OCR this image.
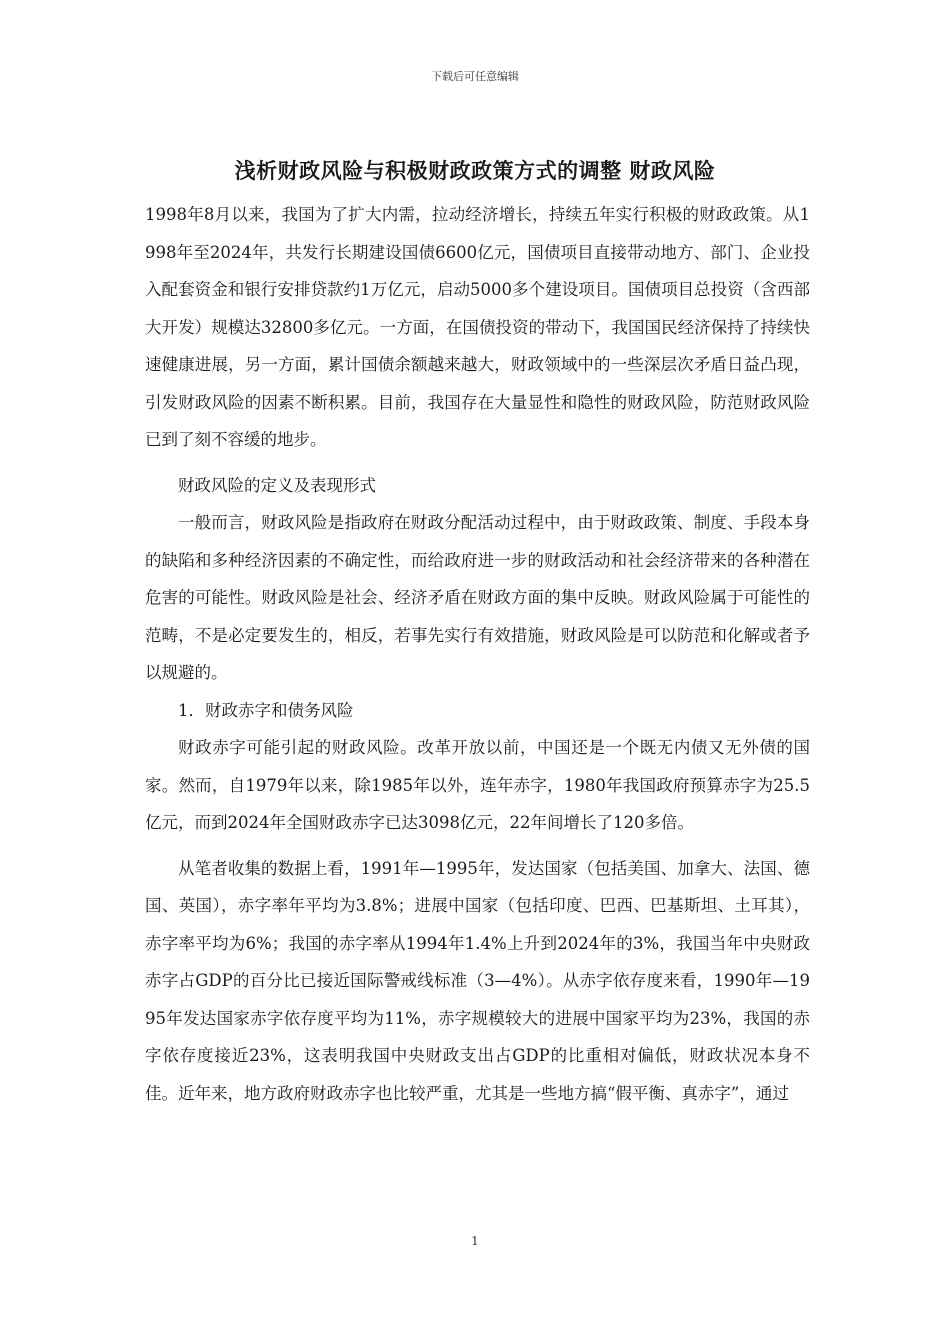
下载后可任意编辑
浅析财政风险与积极财政政策方式的调整 财政风险

1998年8月以来，我国为了扩大内需，拉动经济增长，持续五年实行积极的财政政策。从1998年至2024年，共发行长期建设国债6600亿元，国债项目直接带动地方、部门、企业投入配套资金和银行安排贷款约1万亿元，启动5000多个建设项目。国债项目总投资（含西部大开发）规模达32800多亿元。一方面，在国债投资的带动下，我国国民经济保持了持续快速健康进展，另一方面，累计国债余额越来越大，财政领域中的一些深层次矛盾日益凸现，引发财政风险的因素不断积累。目前，我国存在大量显性和隐性的财政风险，防范财政风险已到了刻不容缓的地步。

财政风险的定义及表现形式

一般而言，财政风险是指政府在财政分配活动过程中，由于财政政策、制度、手段本身的缺陷和多种经济因素的不确定性，而给政府进一步的财政活动和社会经济带来的各种潜在危害的可能性。财政风险是社会、经济矛盾在财政方面的集中反映。财政风险属于可能性的范畴，不是必定要发生的，相反，若事先实行有效措施，财政风险是可以防范和化解或者予以规避的。

1．财政赤字和债务风险

财政赤字可能引起的财政风险。改革开放以前，中国还是一个既无内债又无外债的国家。然而，自1979年以来，除1985年以外，连年赤字，1980年我国政府预算赤字为25.5亿元，而到2024年全国财政赤字已达3098亿元，22年间增长了120多倍。

从笔者收集的数据上看，1991年—1995年，发达国家（包括美国、加拿大、法国、德国、英国），赤字率年平均为3.8%；进展中国家（包括印度、巴西、巴基斯坦、土耳其），赤字率平均为6%；我国的赤字率从1994年1.4%上升到2024年的3%，我国当年中央财政赤字占GDP的百分比已接近国际警戒线标准（3—4%）。从赤字依存度来看，1990年—1995年发达国家赤字依存度平均为11%，赤字规模较大的进展中国家平均为23%，我国的赤字依存度接近23%，这表明我国中央财政支出占GDP的比重相对偏低，财政状况本身不佳。近年来，地方政府财政赤字也比较严重，尤其是一些地方搞“假平衡、真赤字”，通过

1
